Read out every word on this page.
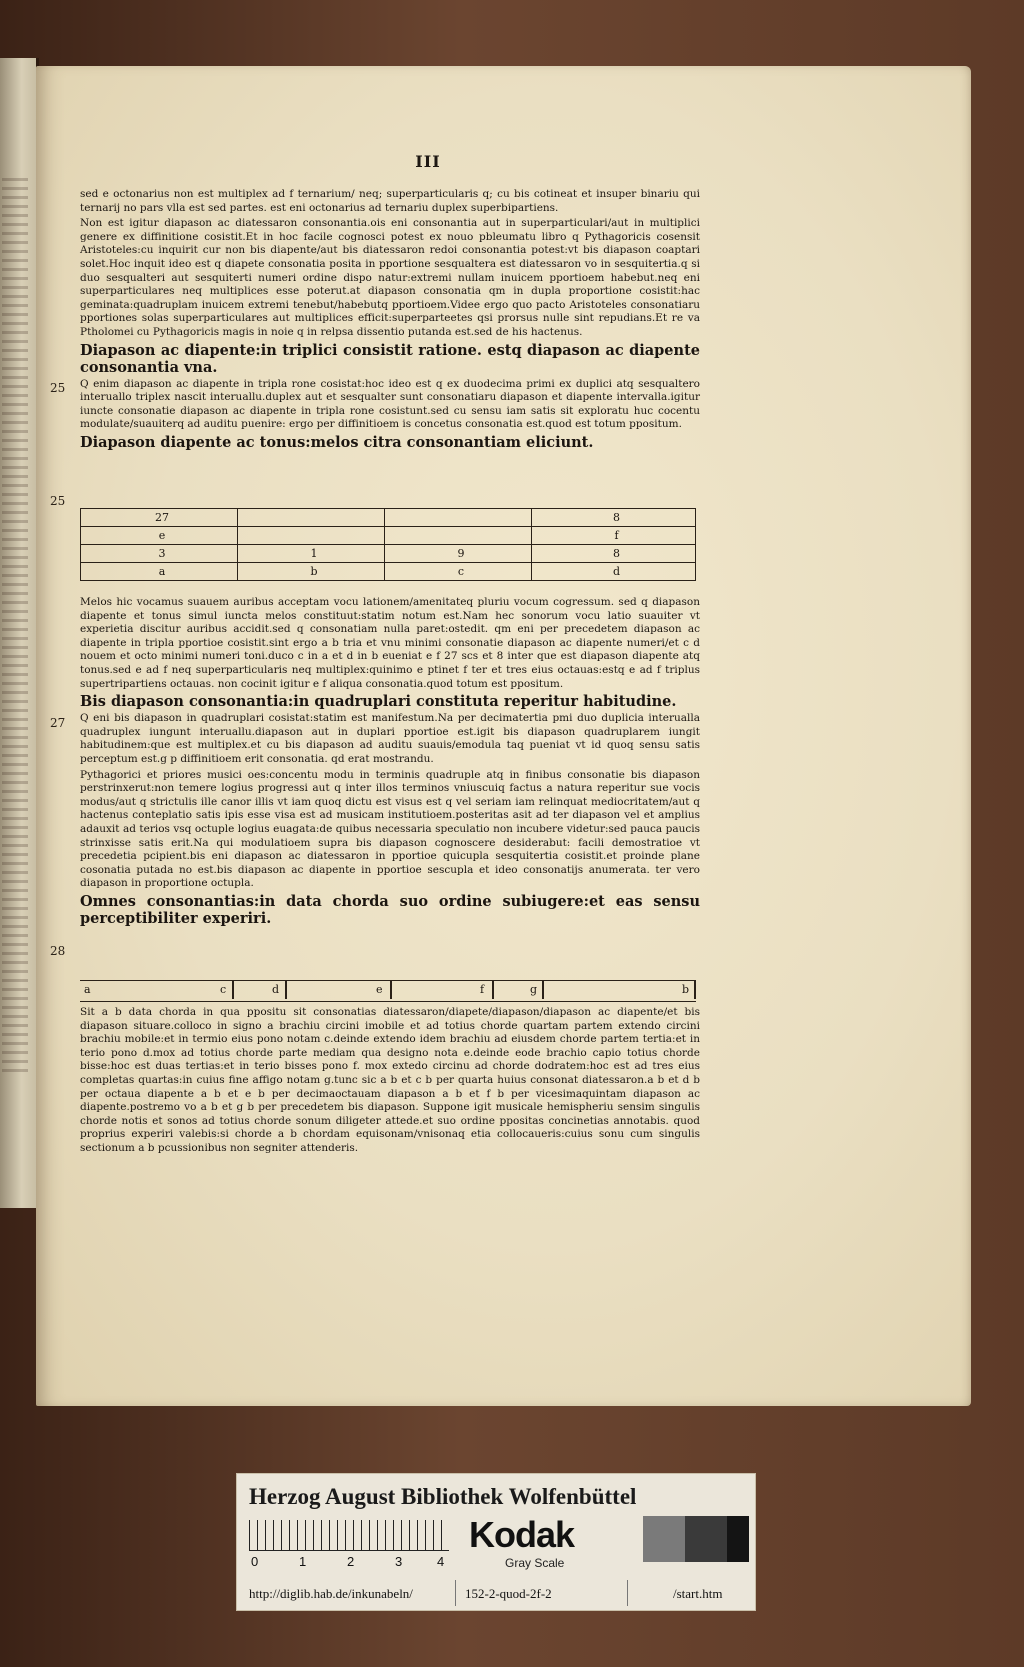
III
25
25
27
28

sed e octonarius non est multiplex ad f ternarium/ neq; superparticularis q; cu bis cotineat et insuper binariu qui ternarij no pars vlla est sed partes. est eni octonarius ad ternariu duplex superbipartiens.

Non est igitur diapason ac diatessaron consonantia.ois eni consonantia aut in superparticulari/aut in multiplici genere ex diffinitione cosistit.Et in hoc facile cognosci potest ex nouo pbleumatu libro q Pythagoricis cosensit Aristoteles:cu inquirit cur non bis diapente/aut bis diatessaron redoi consonantia potest:vt bis diapason coaptari solet.Hoc inquit ideo est q diapete consonatia posita in pportione sesqualtera est diatessaron vo in sesquitertia.q si duo sesqualteri aut sesquiterti numeri ordine dispo natur:extremi nullam inuicem pportioem habebut.neq eni superparticulares neq multiplices esse poterut.at diapason consonatia qm in dupla proportione cosistit:hac geminata:quadruplam inuicem extremi tenebut/habebutq pportioem.Videe ergo quo pacto Aristoteles consonatiaru pportiones solas superparticulares aut multiplices efficit:superparteetes qsi prorsus nulle sint repudians.Et re va Ptholomei cu Pythagoricis magis in noie q in relpsa dissentio putanda est.sed de his hactenus.

Diapason ac diapente:in triplici consistit ratione. estq diapason ac diapente consonantia vna.

Q enim diapason ac diapente in tripla rone cosistat:hoc ideo est q ex duodecima primi ex duplici atq sesqualtero interuallo triplex nascit interuallu.duplex aut et sesqualter sunt consonatiaru diapason et diapente intervalla.igitur iuncte consonatie diapason ac diapente in tripla rone cosistunt.sed cu sensu iam satis sit exploratu huc cocentu modulate/suauiterq ad auditu puenire: ergo per diffinitioem is concetus consonatia est.quod est totum ppositum.

Diapason diapente ac tonus:melos citra consonantiam eliciunt.

27			8
e			f
3	1	9	8
a	b	c	d

Melos hic vocamus suauem auribus acceptam vocu lationem/amenitateq pluriu vocum cogressum. sed q diapason diapente et tonus simul iuncta melos constituut:statim notum est.Nam hec sonorum vocu latio suauiter vt experietia discitur auribus accidit.sed q consonatiam nulla paret:ostedit. qm eni per precedetem diapason ac diapente in tripla pportioe cosistit.sint ergo a b tria et vnu minimi consonatie diapason ac diapente numeri/et c d nouem et octo minimi numeri toni.duco c in a et d in b eueniat e f 27 scs et 8 inter que est diapason diapente atq tonus.sed e ad f neq superparticularis neq multiplex:quinimo e ptinet f ter et tres eius octauas:estq e ad f triplus supertripartiens octauas. non cocinit igitur e f aliqua consonatia.quod totum est ppositum.

Bis diapason consonantia:in quadruplari constituta reperitur habitudine.

Q eni bis diapason in quadruplari cosistat:statim est manifestum.Na per decimatertia pmi duo duplicia interualla quadruplex iungunt interuallu.diapason aut in duplari pportioe est.igit bis diapason quadruplarem iungit habitudinem:que est multiplex.et cu bis diapason ad auditu suauis/emodula taq pueniat vt id quoq sensu satis perceptum est.g p diffinitioem erit consonatia. qd erat mostrandu.

Pythagorici et priores musici oes:concentu modu in terminis quadruple atq in finibus consonatie bis diapason perstrinxerut:non temere logius progressi aut q inter illos terminos vniuscuiq factus a natura reperitur sue vocis modus/aut q strictulis ille canor illis vt iam quoq dictu est visus est q vel seriam iam relinquat mediocritatem/aut q hactenus conteplatio satis ipis esse visa est ad musicam institutioem.posteritas asit ad ter diapason vel et amplius adauxit ad terios vsq octuple logius euagata:de quibus necessaria speculatio non incubere videtur:sed pauca paucis strinxisse satis erit.Na qui modulatioem supra bis diapason cognoscere desiderabut: facili demostratioe vt precedetia pcipient.bis eni diapason ac diatessaron in pportioe quicupla sesquitertia cosistit.et proinde plane cosonatia putada no est.bis diapason ac diapente in pportioe sescupla et ideo consonatijs anumerata. ter vero diapason in proportione octupla.

Omnes consonantias:in data chorda suo ordine subiugere:et eas sensu perceptibiliter experiri.

a	c	d	e	f	g	b

Sit a b data chorda in qua ppositu sit consonatias diatessaron/diapete/diapason/diapason ac diapente/et bis diapason situare.colloco in signo a brachiu circini imobile et ad totius chorde quartam partem extendo circini brachiu mobile:et in termio eius pono notam c.deinde extendo idem brachiu ad eiusdem chorde partem tertia:et in terio pono d.mox ad totius chorde parte mediam qua designo nota e.deinde eode brachio capio totius chorde bisse:hoc est duas tertias:et in terio bisses pono f. mox extedo circinu ad chorde dodratem:hoc est ad tres eius completas quartas:in cuius fine affigo notam g.tunc sic a b et c b per quarta huius consonat diatessaron.a b et d b per octaua diapente a b et e b per decimaoctauam diapason a b et f b per vicesimaquintam diapason ac diapente.postremo vo a b et g b per precedetem bis diapason. Suppone igit musicale hemispheriu sensim singulis chorde notis et sonos ad totius chorde sonum diligeter attede.et suo ordine ppositas concinetias annotabis. quod proprius experiri valebis:si chorde a b chordam equisonam/vnisonaq etia collocaueris:cuius sonu cum singulis sectionum a b pcussionibus non segniter attenderis.

Herzog August Bibliothek Wolfenbüttel
0	1	2	3	4
Kodak
Gray Scale
http://diglib.hab.de/inkunabeln/	152-2-quod-2f-2	/start.htm
